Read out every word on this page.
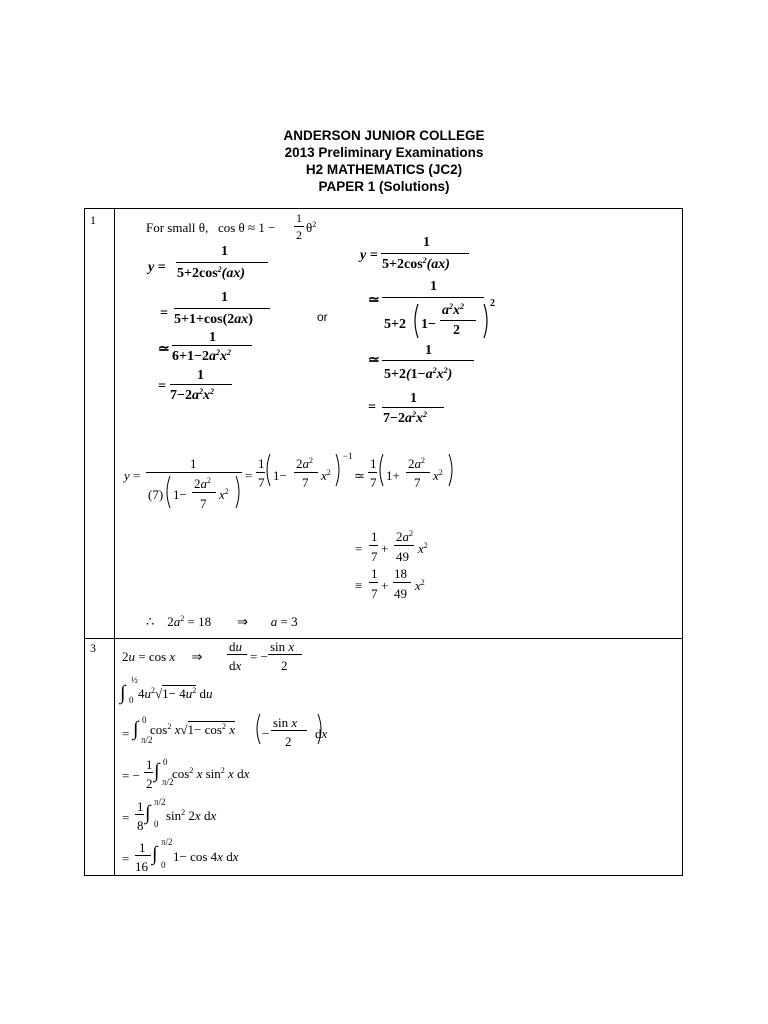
ANDERSON JUNIOR COLLEGE
2013 Preliminary Examinations
H2 MATHEMATICS (JC2)
PAPER 1 (Solutions)
1
3
For small θ,   cos θ ≈ 1 −
1
2 $\theta^2$
y =
1
$5+2\cos^2(ax)$
=
1
5+1+cos(2ax)
≃
1
$6+1-2a^2x^2$
=
1
$7-2a^2x^2$
or
y =
1
$5+2\cos^2(ax)$
≃
1
5+2 1−
$a^2x^2$
2
2
≃
1
$5+2(1-a^2x^2)$
=
1
$7-2a^2x^2$
y =
1
(7) 1−
$2a^2$
7
$x^2$
=
1
7 1−
$2a^2$
7 $x^2$
−1
≃
1
7 1+
$2a^2$
7 $x^2$
=
1
7
+
$2a^2$
49
$x^2$
≡
1
7
+
18
49
$x^2$
∴    $2a^2 = 18$        ⇒       a = 3
2u = cos x     ⇒
du
dx
= −
sin x
2
∫
½
0 $4u^2√1- 4u^2$ du
= ∫ 0
π/2
$\cos^2 x√1- \cos^2 x$ −
sin x
2
dx
= −
1
2
∫ 0
π/2
$\cos^2 x$ $\sin^2 x$ dx
=
1
8
∫ π/2
0
$\sin^2 2x$ dx
=
1
16
∫
π/2
0
1− cos 4x dx
